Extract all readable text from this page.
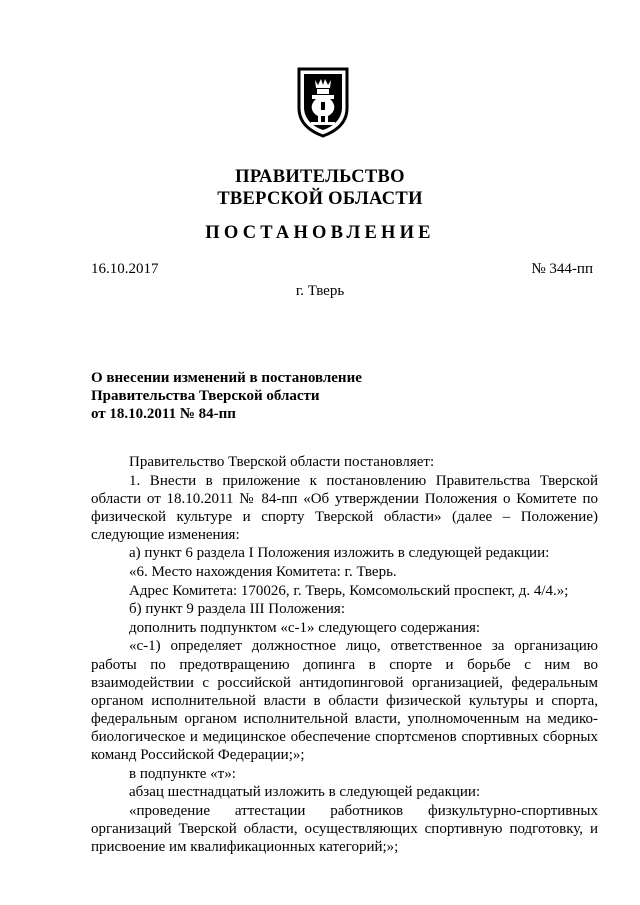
ПРАВИТЕЛЬСТВО
ТВЕРСКОЙ ОБЛАСТИ
ПОСТАНОВЛЕНИЕ
16.10.2017	№ 344-пп
г. Тверь
О внесении изменений в постановление
Правительства Тверской области
от 18.10.2011 № 84-пп

Правительство Тверской области постановляет:

1. Внести в приложение к постановлению Правительства Тверской области от 18.10.2011 № 84-пп «Об утверждении Положения о Комитете по физической культуре и спорту Тверской области» (далее – Положение) следующие изменения:

а) пункт 6 раздела I Положения изложить в следующей редакции:

«6. Место нахождения Комитета: г. Тверь.

Адрес Комитета: 170026, г. Тверь, Комсомольский проспект, д. 4/4.»;

б) пункт 9 раздела III Положения:

дополнить подпунктом «с-1» следующего содержания:

«с-1) определяет должностное лицо, ответственное за организацию работы по предотвращению допинга в спорте и борьбе с ним во взаимодействии с российской антидопинговой организацией, федеральным органом исполнительной власти в области физической культуры и спорта, федеральным органом исполнительной власти, уполномоченным на медико-биологическое и медицинское обеспечение спортсменов спортивных сборных команд Российской Федерации;»;

в подпункте «т»:

абзац шестнадцатый изложить в следующей редакции:

«проведение аттестации работников физкультурно-спортивных организаций Тверской области, осуществляющих спортивную подготовку, и присвоение им квалификационных категорий;»;
